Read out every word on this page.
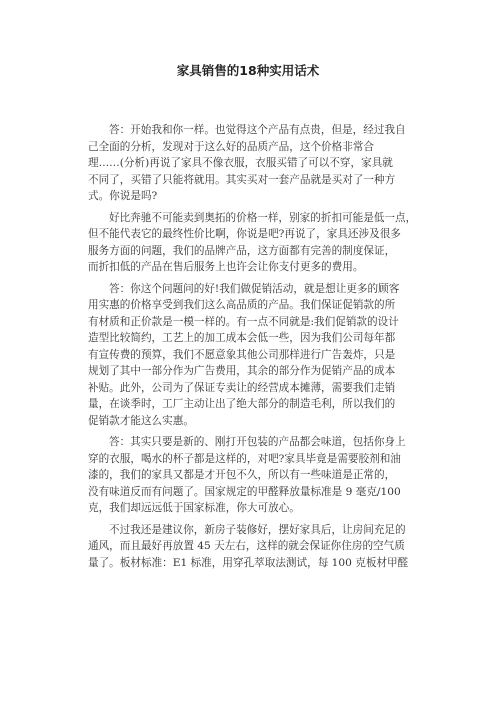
家具销售的18种实用话术
答：开始我和你一样。也觉得这个产品有点贵，但是，经过我自
己全面的分析，发现对于这么好的品质产品，这个价格非常合
理……(分析)再说了家具不像衣服，衣服买错了可以不穿，家具就
不同了，买错了只能将就用。其实买对一套产品就是买对了一种方
式。你说是吗?
好比奔驰不可能卖到奥拓的价格一样，别家的折扣可能是低一点，
但不能代表它的最终性价比啊，你说是吧?再说了，家具还涉及很多
服务方面的问题，我们的品牌产品，这方面都有完善的制度保证，
而折扣低的产品在售后服务上也许会让你支付更多的费用。
答：你这个问题问的好!我们做促销活动，就是想让更多的顾客
用实惠的价格享受到我们这么高品质的产品。我们保证促销款的所
有材质和正价款是一模一样的。有一点不同就是:我们促销款的设计
造型比较简约，工艺上的加工成本会低一些，因为我们公司每年都
有宣传费的预算，我们不愿意象其他公司那样进行广告轰炸，只是
规划了其中一部分作为广告费用，其余的部分作为促销产品的成本
补贴。此外，公司为了保证专卖让的经营成本摊薄，需要我们走销
量，在谈季时，工厂主动让出了绝大部分的制造毛利，所以我们的
促销款才能这么实惠。
答：其实只要是新的、刚打开包装的产品都会味道，包括你身上
穿的衣服，喝水的杯子都是这样的，对吧?家具毕竟是需要胶剂和油
漆的，我们的家具又都是才开包不久，所以有一些味道是正常的，
没有味道反而有问题了。国家规定的甲醛释放量标准是 9 毫克/100
克，我们却远远低于国家标准，你大可放心。
不过我还是建议你，新房子装修好，摆好家具后，让房间充足的
通风，而且最好再放置 45 天左右，这样的就会保证你住房的空气质
量了。板材标准：E1 标准，用穿孔萃取法测试，每 100 克板材甲醛
